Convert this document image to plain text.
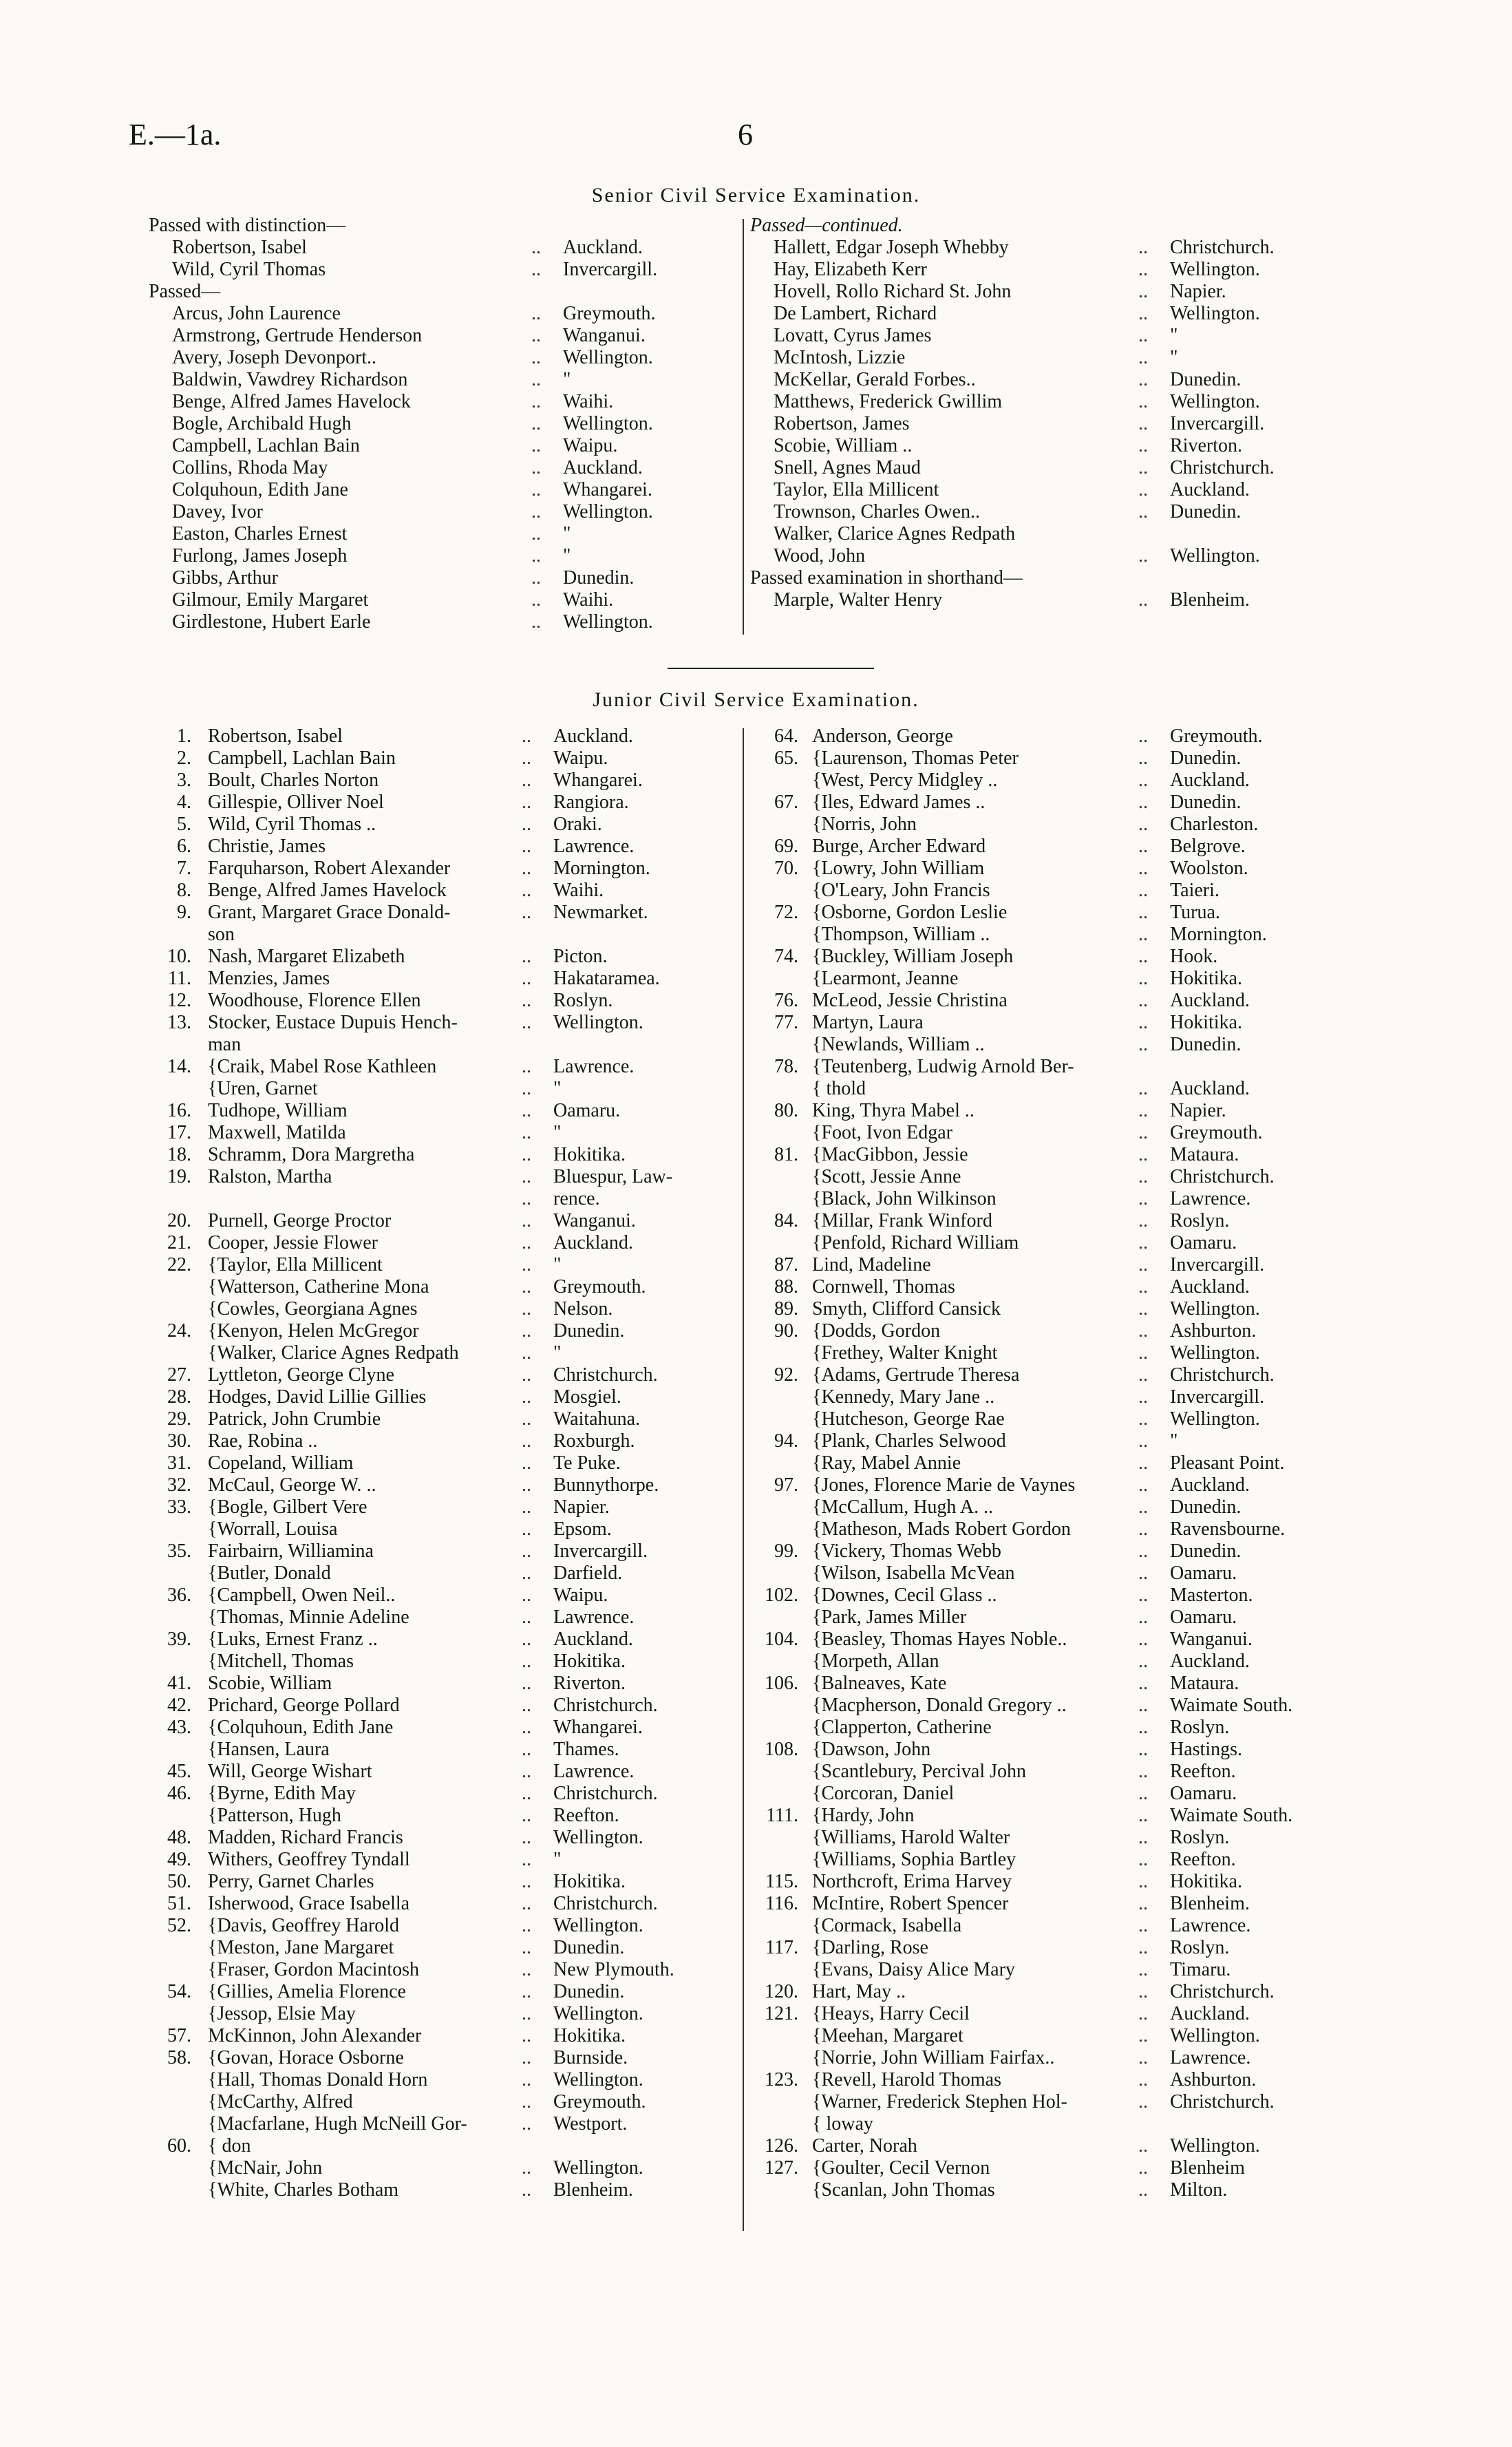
E.—1a.	6
Senior Civil Service Examination.
Passed with distinction—
Robertson, Isabel	.. Auckland.
Wild, Cyril Thomas	.. Invercargill.
Passed—
Arcus, John Laurence	.. Greymouth.
Armstrong, Gertrude Henderson	.. Wanganui.
Avery, Joseph Devonport..	.. Wellington.
Baldwin, Vawdrey Richardson	.. "
Benge, Alfred James Havelock	.. Waihi.
Bogle, Archibald Hugh	.. Wellington.
Campbell, Lachlan Bain	.. Waipu.
Collins, Rhoda May	.. Auckland.
Colquhoun, Edith Jane	.. Whangarei.
Davey, Ivor	.. Wellington.
Easton, Charles Ernest	.. "
Furlong, James Joseph	.. "
Gibbs, Arthur	.. Dunedin.
Gilmour, Emily Margaret	.. Waihi.
Girdlestone, Hubert Earle	.. Wellington.
Passed—continued.
Hallett, Edgar Joseph Whebby	.. Christchurch.
Hay, Elizabeth Kerr	.. Wellington.
Hovell, Rollo Richard St. John	.. Napier.
De Lambert, Richard	.. Wellington.
Lovatt, Cyrus James	.. "
McIntosh, Lizzie	.. "
McKellar, Gerald Forbes..	.. Dunedin.
Matthews, Frederick Gwillim	.. Wellington.
Robertson, James	.. Invercargill.
Scobie, William ..	.. Riverton.
Snell, Agnes Maud	.. Christchurch.
Taylor, Ella Millicent	.. Auckland.
Trownson, Charles Owen..	.. Dunedin.
Walker, Clarice Agnes Redpath
Wood, John	.. Wellington.
Passed examination in shorthand—
Marple, Walter Henry	.. Blenheim.
Junior Civil Service Examination.
1. Robertson, Isabel	.. Auckland.
2. Campbell, Lachlan Bain	.. Waipu.
3. Boult, Charles Norton	.. Whangarei.
4. Gillespie, Olliver Noel	.. Rangiora.
5. Wild, Cyril Thomas ..	.. Oraki.
6. Christie, James	.. Lawrence.
7. Farquharson, Robert Alexander	.. Mornington.
8. Benge, Alfred James Havelock	.. Waihi.
9. Grant, Margaret Grace Donald-	.. Newmarket.
son
10. Nash, Margaret Elizabeth	.. Picton.
11. Menzies, James	.. Hakataramea.
12. Woodhouse, Florence Ellen	.. Roslyn.
13. Stocker, Eustace Dupuis Hench-	.. Wellington.
man
14. {Craik, Mabel Rose Kathleen	.. Lawrence.
{Uren, Garnet	.. "
16. Tudhope, William	.. Oamaru.
17. Maxwell, Matilda	.. "
18. Schramm, Dora Margretha	.. Hokitika.
19. Ralston, Martha	.. Bluespur, Law-
.. rence.
20. Purnell, George Proctor	.. Wanganui.
21. Cooper, Jessie Flower	.. Auckland.
22. {Taylor, Ella Millicent	.. "
{Watterson, Catherine Mona	.. Greymouth.
{Cowles, Georgiana Agnes	.. Nelson.
24. {Kenyon, Helen McGregor	.. Dunedin.
{Walker, Clarice Agnes Redpath	.. "
27. Lyttleton, George Clyne	.. Christchurch.
28. Hodges, David Lillie Gillies	.. Mosgiel.
29. Patrick, John Crumbie	.. Waitahuna.
30. Rae, Robina ..	.. Roxburgh.
31. Copeland, William	.. Te Puke.
32. McCaul, George W. ..	.. Bunnythorpe.
33. {Bogle, Gilbert Vere	.. Napier.
{Worrall, Louisa	.. Epsom.
35. Fairbairn, Williamina	.. Invercargill.
{Butler, Donald	.. Darfield.
36. {Campbell, Owen Neil..	.. Waipu.
{Thomas, Minnie Adeline	.. Lawrence.
39. {Luks, Ernest Franz ..	.. Auckland.
{Mitchell, Thomas	.. Hokitika.
41. Scobie, William	.. Riverton.
42. Prichard, George Pollard	.. Christchurch.
43. {Colquhoun, Edith Jane	.. Whangarei.
{Hansen, Laura	.. Thames.
45. Will, George Wishart	.. Lawrence.
46. {Byrne, Edith May	.. Christchurch.
{Patterson, Hugh	.. Reefton.
48. Madden, Richard Francis	.. Wellington.
49. Withers, Geoffrey Tyndall	.. "
50. Perry, Garnet Charles	.. Hokitika.
51. Isherwood, Grace Isabella	.. Christchurch.
52. {Davis, Geoffrey Harold	.. Wellington.
{Meston, Jane Margaret	.. Dunedin.
{Fraser, Gordon Macintosh	.. New Plymouth.
54. {Gillies, Amelia Florence	.. Dunedin.
{Jessop, Elsie May	.. Wellington.
57. McKinnon, John Alexander	.. Hokitika.
58. {Govan, Horace Osborne	.. Burnside.
{Hall, Thomas Donald Horn	.. Wellington.
{McCarthy, Alfred	.. Greymouth.
{Macfarlane, Hugh McNeill Gor-	.. Westport.
60. { don
{McNair, John	.. Wellington.
{White, Charles Botham	.. Blenheim.
64. Anderson, George	.. Greymouth.
65. {Laurenson, Thomas Peter	.. Dunedin.
{West, Percy Midgley ..	.. Auckland.
67. {Iles, Edward James ..	.. Dunedin.
{Norris, John	.. Charleston.
69. Burge, Archer Edward	.. Belgrove.
70. {Lowry, John William	.. Woolston.
{O'Leary, John Francis	.. Taieri.
72. {Osborne, Gordon Leslie	.. Turua.
{Thompson, William ..	.. Mornington.
74. {Buckley, William Joseph	.. Hook.
{Learmont, Jeanne	.. Hokitika.
76. McLeod, Jessie Christina	.. Auckland.
77. Martyn, Laura	.. Hokitika.
{Newlands, William ..	.. Dunedin.
78. {Teutenberg, Ludwig Arnold Ber-
{ thold	.. Auckland.
80. King, Thyra Mabel ..	.. Napier.
{Foot, Ivon Edgar	.. Greymouth.
81. {MacGibbon, Jessie	.. Mataura.
{Scott, Jessie Anne	.. Christchurch.
{Black, John Wilkinson	.. Lawrence.
84. {Millar, Frank Winford	.. Roslyn.
{Penfold, Richard William	.. Oamaru.
87. Lind, Madeline	.. Invercargill.
88. Cornwell, Thomas	.. Auckland.
89. Smyth, Clifford Cansick	.. Wellington.
90. {Dodds, Gordon	.. Ashburton.
{Frethey, Walter Knight	.. Wellington.
92. {Adams, Gertrude Theresa	.. Christchurch.
{Kennedy, Mary Jane ..	.. Invercargill.
{Hutcheson, George Rae	.. Wellington.
94. {Plank, Charles Selwood	.. "
{Ray, Mabel Annie	.. Pleasant Point.
97. {Jones, Florence Marie de Vaynes	.. Auckland.
{McCallum, Hugh A. ..	.. Dunedin.
{Matheson, Mads Robert Gordon	.. Ravensbourne.
99. {Vickery, Thomas Webb	.. Dunedin.
{Wilson, Isabella McVean	.. Oamaru.
102. {Downes, Cecil Glass ..	.. Masterton.
{Park, James Miller	.. Oamaru.
104. {Beasley, Thomas Hayes Noble..	.. Wanganui.
{Morpeth, Allan	.. Auckland.
106. {Balneaves, Kate	.. Mataura.
{Macpherson, Donald Gregory ..	.. Waimate South.
{Clapperton, Catherine	.. Roslyn.
108. {Dawson, John	.. Hastings.
{Scantlebury, Percival John	.. Reefton.
{Corcoran, Daniel	.. Oamaru.
111. {Hardy, John	.. Waimate South.
{Williams, Harold Walter	.. Roslyn.
{Williams, Sophia Bartley	.. Reefton.
115. Northcroft, Erima Harvey	.. Hokitika.
116. McIntire, Robert Spencer	.. Blenheim.
{Cormack, Isabella	.. Lawrence.
117. {Darling, Rose	.. Roslyn.
{Evans, Daisy Alice Mary	.. Timaru.
120. Hart, May ..	.. Christchurch.
121. {Heays, Harry Cecil	.. Auckland.
{Meehan, Margaret	.. Wellington.
{Norrie, John William Fairfax..	.. Lawrence.
123. {Revell, Harold Thomas	.. Ashburton.
{Warner, Frederick Stephen Hol-	.. Christchurch.
{ loway
126. Carter, Norah	.. Wellington.
127. {Goulter, Cecil Vernon	.. Blenheim
{Scanlan, John Thomas	.. Milton.
